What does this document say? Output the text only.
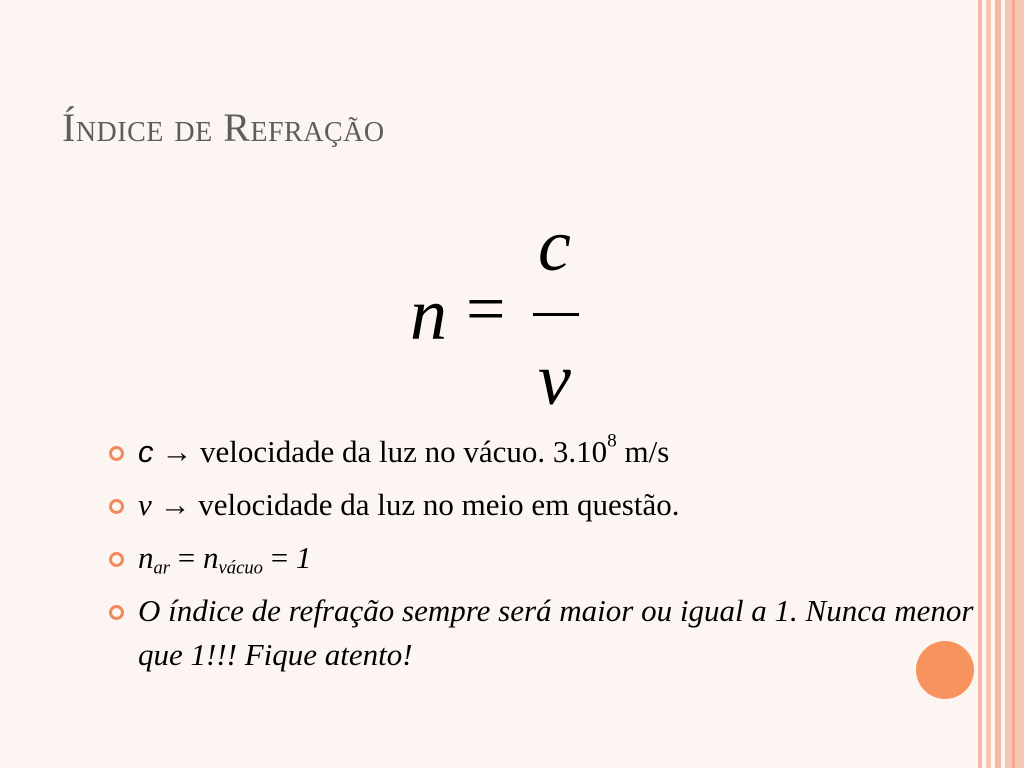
Índice de Refração
n =
c
v
c → velocidade da luz no vácuo. 3.10$^8$ m/s
v → velocidade da luz no meio em questão.
$n_{ar} = n_{vácuo} = 1$
O índice de refração sempre será maior ou igual a 1. Nunca menor que 1!!! Fique atento!
